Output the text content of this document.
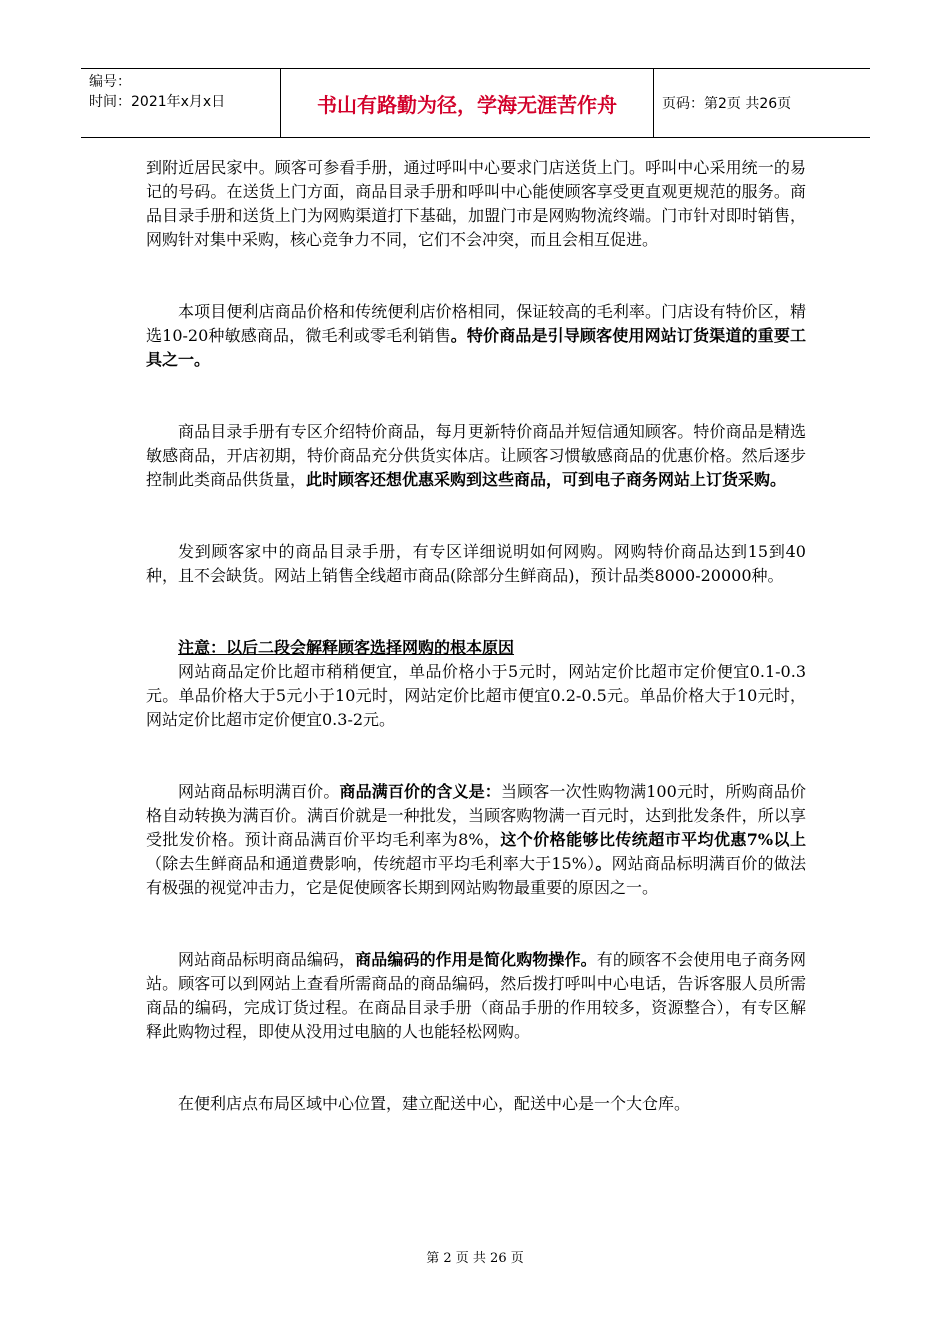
编号：
时间：2021年x月x日	书山有路勤为径，学海无涯苦作舟	页码：第2页 共26页

到附近居民家中。顾客可参看手册，通过呼叫中心要求门店送货上门。呼叫中心采用统一的易记的号码。在送货上门方面，商品目录手册和呼叫中心能使顾客享受更直观更规范的服务。商品目录手册和送货上门为网购渠道打下基础，加盟门市是网购物流终端。门市针对即时销售，网购针对集中采购，核心竞争力不同，它们不会冲突，而且会相互促进。

本项目便利店商品价格和传统便利店价格相同，保证较高的毛利率。门店设有特价区，精选10-20种敏感商品，微毛利或零毛利销售。特价商品是引导顾客使用网站订货渠道的重要工具之一。

商品目录手册有专区介绍特价商品，每月更新特价商品并短信通知顾客。特价商品是精选敏感商品，开店初期，特价商品充分供货实体店。让顾客习惯敏感商品的优惠价格。然后逐步控制此类商品供货量，此时顾客还想优惠采购到这些商品，可到电子商务网站上订货采购。

发到顾客家中的商品目录手册，有专区详细说明如何网购。网购特价商品达到15到40种，且不会缺货。网站上销售全线超市商品(除部分生鲜商品)，预计品类8000-20000种。

注意：以后二段会解释顾客选择网购的根本原因

网站商品定价比超市稍稍便宜，单品价格小于5元时，网站定价比超市定价便宜0.1-0.3元。单品价格大于5元小于10元时，网站定价比超市便宜0.2-0.5元。单品价格大于10元时，网站定价比超市定价便宜0.3-2元。

网站商品标明满百价。商品满百价的含义是：当顾客一次性购物满100元时，所购商品价格自动转换为满百价。满百价就是一种批发，当顾客购物满一百元时，达到批发条件，所以享受批发价格。预计商品满百价平均毛利率为8%，这个价格能够比传统超市平均优惠7%以上（除去生鲜商品和通道费影响，传统超市平均毛利率大于15%）。网站商品标明满百价的做法有极强的视觉冲击力，它是促使顾客长期到网站购物最重要的原因之一。

网站商品标明商品编码，商品编码的作用是简化购物操作。有的顾客不会使用电子商务网站。顾客可以到网站上查看所需商品的商品编码，然后拨打呼叫中心电话，告诉客服人员所需商品的编码，完成订货过程。在商品目录手册（商品手册的作用较多，资源整合），有专区解释此购物过程，即使从没用过电脑的人也能轻松网购。

在便利店点布局区域中心位置，建立配送中心，配送中心是一个大仓库。

第 2 页 共 26 页
